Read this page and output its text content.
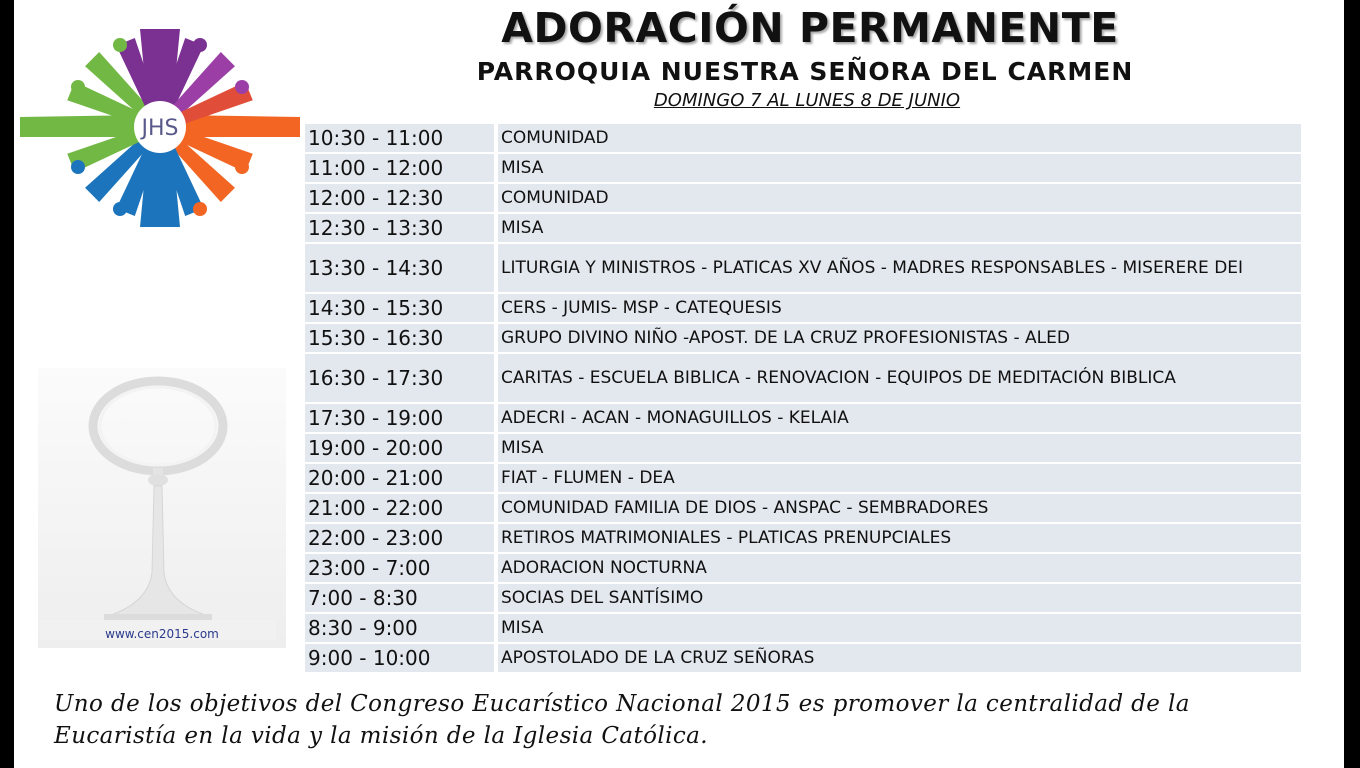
ADORACIÓN PERMANENTE
PARROQUIA NUESTRA SEÑORA DEL CARMEN
DOMINGO 7 AL LUNES 8 DE JUNIO
JHS
www.cen2015.com
10:30 - 11:00	COMUNIDAD
11:00 - 12:00	MISA
12:00 - 12:30	COMUNIDAD
12:30 - 13:30	MISA
13:30 - 14:30	LITURGIA Y MINISTROS - PLATICAS XV AÑOS - MADRES RESPONSABLES - MISERERE DEI
14:30 - 15:30	CERS - JUMIS- MSP - CATEQUESIS
15:30 - 16:30	GRUPO DIVINO NIÑO -APOST. DE LA CRUZ PROFESIONISTAS - ALED
16:30 - 17:30	CARITAS - ESCUELA BIBLICA - RENOVACION - EQUIPOS DE MEDITACIÓN BIBLICA
17:30 - 19:00	ADECRI - ACAN - MONAGUILLOS - KELAIA
19:00 - 20:00	MISA
20:00 - 21:00	FIAT - FLUMEN - DEA
21:00 - 22:00	COMUNIDAD FAMILIA DE DIOS - ANSPAC - SEMBRADORES
22:00 - 23:00	RETIROS MATRIMONIALES - PLATICAS PRENUPCIALES
23:00 - 7:00	ADORACION NOCTURNA
7:00 - 8:30	SOCIAS DEL SANTÍSIMO
8:30 - 9:00	MISA
9:00 - 10:00	APOSTOLADO DE LA CRUZ SEÑORAS
Uno de los objetivos del Congreso Eucarístico Nacional 2015 es promover la centralidad de la Eucaristía en la vida y la misión de la Iglesia Católica.
